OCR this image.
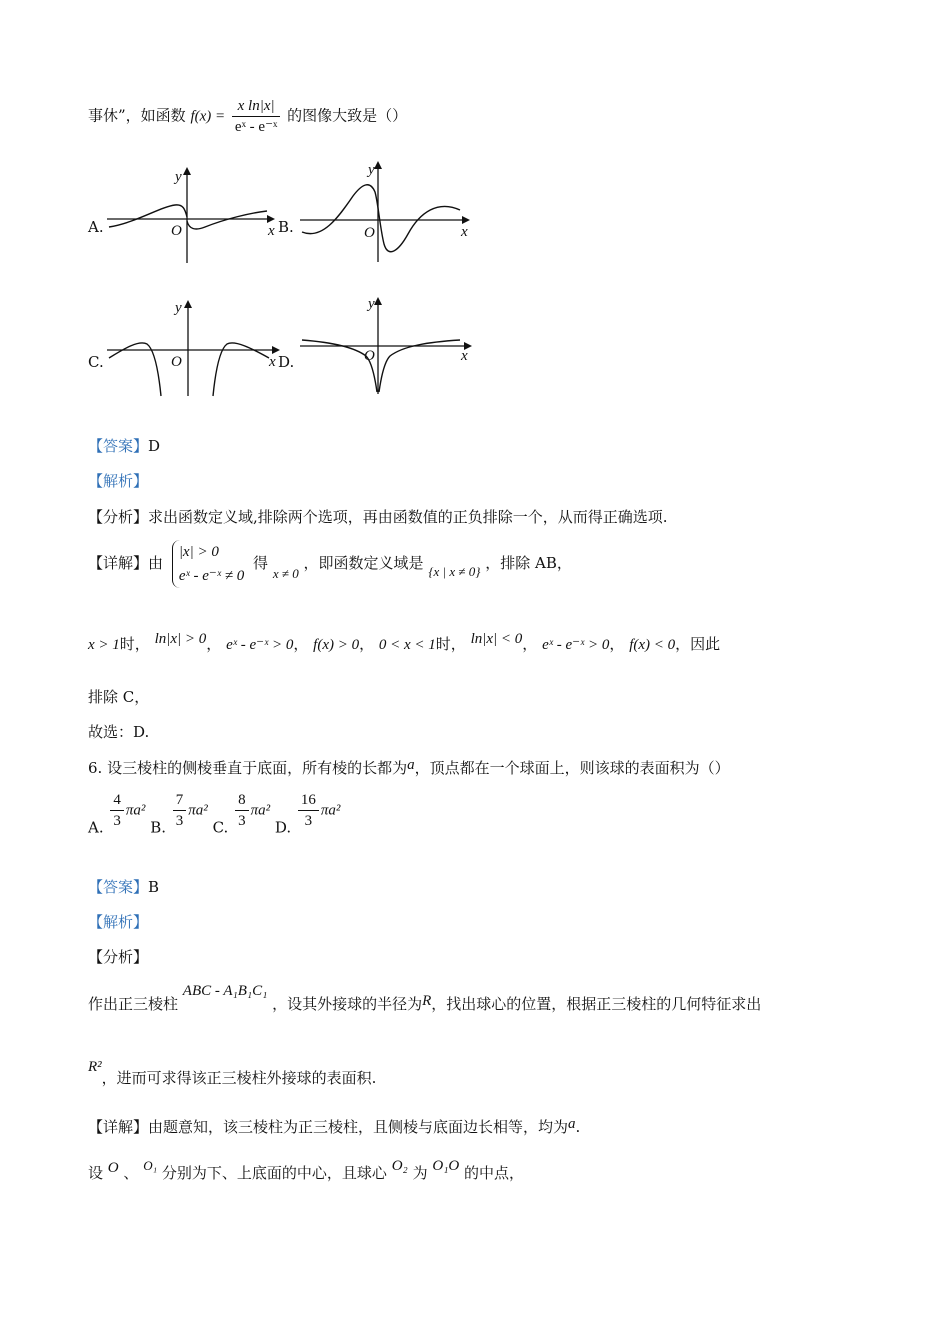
事休”，如函数 $f(x) = \frac{\text{x ln|x|}}{\text{eˣ - e⁻ˣ}}$ 的图像大致是（）
A.
y
O	x B.
y
O	x
C.
y
O	x D.
y
O	x
【答案】D
【解析】
【分析】求出函数定义域,排除两个选项，再由函数值的正负排除一个，从而得正确选项.
【详解】由
|x| > 0
eˣ - e⁻ˣ ≠ 0
得 x ≠ 0 ，即函数定义域是 {x | x ≠ 0} ，排除 AB，
x > 1时， ln|x| > 0， eˣ - e⁻ˣ > 0， f(x) > 0， 0 < x < 1时， ln|x| < 0， eˣ - e⁻ˣ > 0， f(x) < 0，因此
排除 C，
故选：D.
6. 设三棱柱的侧棱垂直于底面，所有棱的长都为a，顶点都在一个球面上，则该球的表面积为（）
A. $\frac{4}{3} \pi a^2$ B. $\frac{7}{3} \pi a^2$ C. $\frac{8}{3} \pi a^2$ D. $\frac{16}{3} \pi a^2$
【答案】B
【解析】
【分析】
作出正三棱柱 ABC - A₁B₁C₁ ，设其外接球的半径为R，找出球心的位置，根据正三棱柱的几何特征求出
R²，进而可求得该正三棱柱外接球的表面积.
【详解】由题意知，该三棱柱为正三棱柱，且侧棱与底面边长相等，均为a.
设 O 、 O₁ 分别为下、上底面的中心，且球心 O₂ 为 O₁O 的中点，
